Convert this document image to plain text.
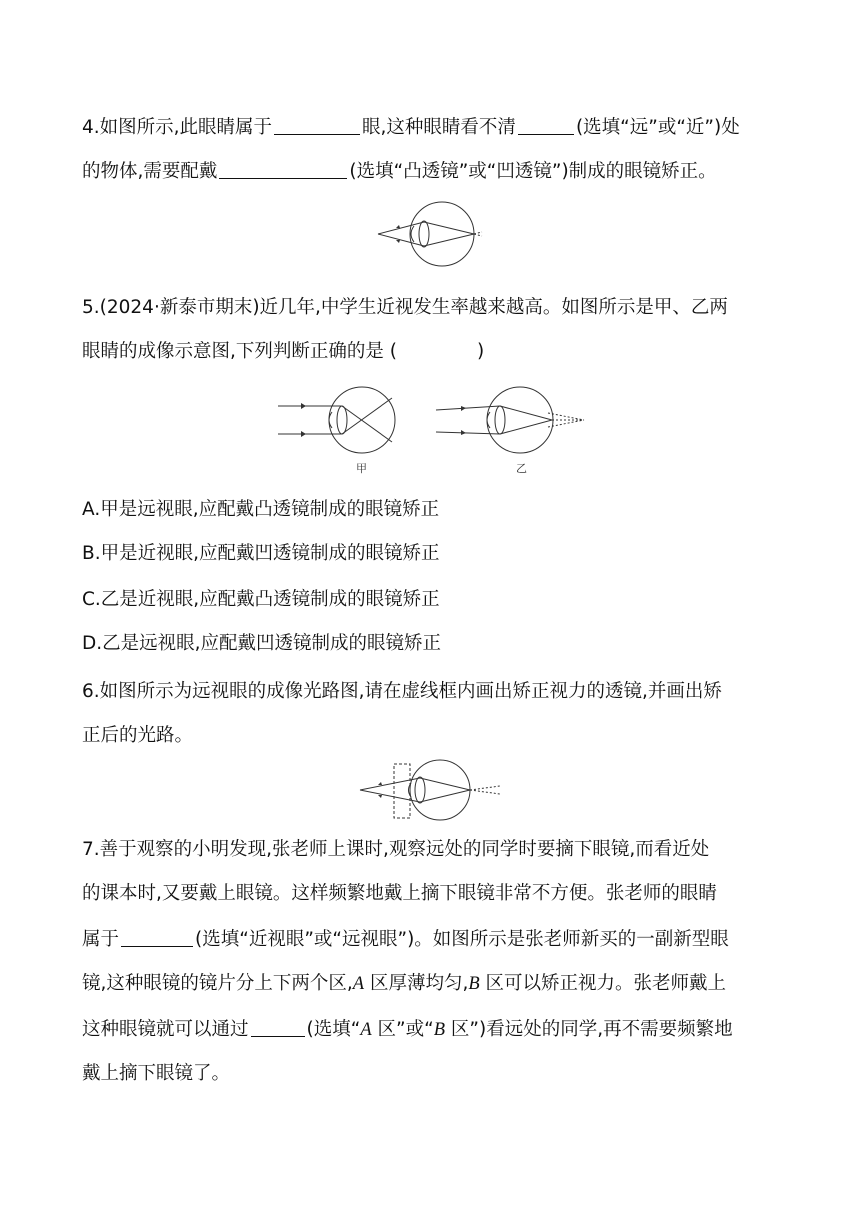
4.如图所示,此眼睛属于	眼,这种眼睛看不清	(选填“远”或“近”)处
的物体,需要配戴	(选填“凸透镜”或“凹透镜”)制成的眼镜矫正。
5.(2024·新泰市期末)近几年,中学生近视发生率越来越高。如图所示是甲、乙两
眼睛的成像示意图,下列判断正确的是 (	)
甲	乙
A.甲是远视眼,应配戴凸透镜制成的眼镜矫正
B.甲是近视眼,应配戴凹透镜制成的眼镜矫正
C.乙是近视眼,应配戴凸透镜制成的眼镜矫正
D.乙是远视眼,应配戴凹透镜制成的眼镜矫正
6.如图所示为远视眼的成像光路图,请在虚线框内画出矫正视力的透镜,并画出矫
正后的光路。
7.善于观察的小明发现,张老师上课时,观察远处的同学时要摘下眼镜,而看近处
的课本时,又要戴上眼镜。这样频繁地戴上摘下眼镜非常不方便。张老师的眼睛
属于	(选填“近视眼”或“远视眼”)。如图所示是张老师新买的一副新型眼
镜,这种眼镜的镜片分上下两个区,A 区厚薄均匀,B 区可以矫正视力。张老师戴上
这种眼镜就可以通过	(选填“A 区”或“B 区”)看远处的同学,再不需要频繁地
戴上摘下眼镜了。
